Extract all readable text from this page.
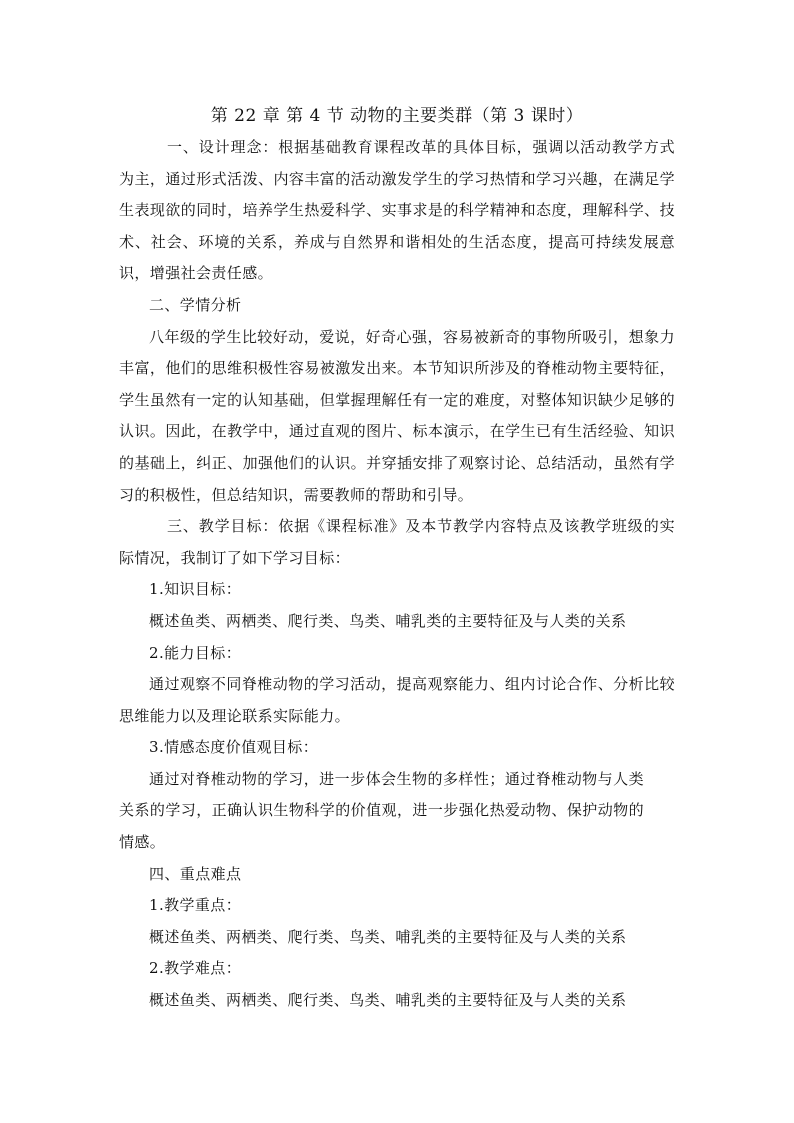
第 22 章 第 4 节 动物的主要类群（第 3 课时）

一、设计理念：根据基础教育课程改革的具体目标，强调以活动教学方式为主，通过形式活泼、内容丰富的活动激发学生的学习热情和学习兴趣，在满足学生表现欲的同时，培养学生热爱科学、实事求是的科学精神和态度，理解科学、技术、社会、环境的关系，养成与自然界和谐相处的生活态度，提高可持续发展意识，增强社会责任感。

二、学情分析

八年级的学生比较好动，爱说，好奇心强，容易被新奇的事物所吸引，想象力丰富，他们的思维积极性容易被激发出来。本节知识所涉及的脊椎动物主要特征，学生虽然有一定的认知基础，但掌握理解任有一定的难度，对整体知识缺少足够的认识。因此，在教学中，通过直观的图片、标本演示，在学生已有生活经验、知识的基础上，纠正、加强他们的认识。并穿插安排了观察讨论、总结活动，虽然有学习的积极性，但总结知识，需要教师的帮助和引导。

三、教学目标：依据《课程标准》及本节教学内容特点及该教学班级的实际情况，我制订了如下学习目标：

1.知识目标：

概述鱼类、两栖类、爬行类、鸟类、哺乳类的主要特征及与人类的关系

2.能力目标：

通过观察不同脊椎动物的学习活动，提高观察能力、组内讨论合作、分析比较思维能力以及理论联系实际能力。

3.情感态度价值观目标：

通过对脊椎动物的学习，进一步体会生物的多样性；通过脊椎动物与人类关系的学习，正确认识生物科学的价值观，进一步强化热爱动物、保护动物的情感。

四、重点难点

1.教学重点：

概述鱼类、两栖类、爬行类、鸟类、哺乳类的主要特征及与人类的关系

2.教学难点：

概述鱼类、两栖类、爬行类、鸟类、哺乳类的主要特征及与人类的关系
